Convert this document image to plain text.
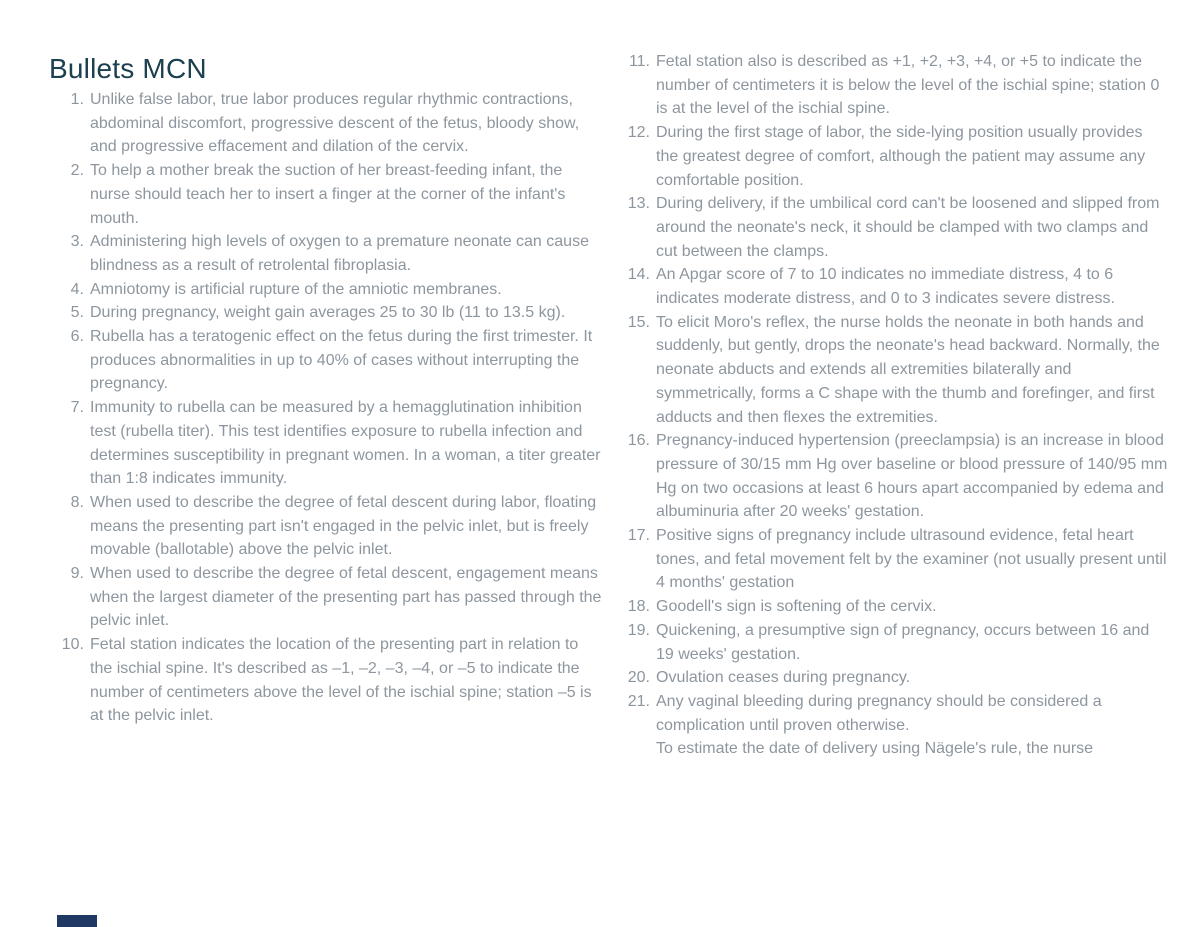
Bullets MCN
1. Unlike false labor, true labor produces regular rhythmic contractions, abdominal discomfort, progressive descent of the fetus, bloody show, and progressive effacement and dilation of the cervix.
2. To help a mother break the suction of her breast-feeding infant, the nurse should teach her to insert a finger at the corner of the infant's mouth.
3. Administering high levels of oxygen to a premature neonate can cause blindness as a result of retrolental fibroplasia.
4. Amniotomy is artificial rupture of the amniotic membranes.
5. During pregnancy, weight gain averages 25 to 30 lb (11 to 13.5 kg).
6. Rubella has a teratogenic effect on the fetus during the first trimester. It produces abnormalities in up to 40% of cases without interrupting the pregnancy.
7. Immunity to rubella can be measured by a hemagglutination inhibition test (rubella titer). This test identifies exposure to rubella infection and determines susceptibility in pregnant women. In a woman, a titer greater than 1:8 indicates immunity.
8. When used to describe the degree of fetal descent during labor, floating means the presenting part isn't engaged in the pelvic inlet, but is freely movable (ballotable) above the pelvic inlet.
9. When used to describe the degree of fetal descent, engagement means when the largest diameter of the presenting part has passed through the pelvic inlet.
10. Fetal station indicates the location of the presenting part in relation to the ischial spine. It's described as –1, –2, –3, –4, or –5 to indicate the number of centimeters above the level of the ischial spine; station –5 is at the pelvic inlet.
11. Fetal station also is described as +1, +2, +3, +4, or +5 to indicate the number of centimeters it is below the level of the ischial spine; station 0 is at the level of the ischial spine.
12. During the first stage of labor, the side-lying position usually provides the greatest degree of comfort, although the patient may assume any comfortable position.
13. During delivery, if the umbilical cord can't be loosened and slipped from around the neonate's neck, it should be clamped with two clamps and cut between the clamps.
14. An Apgar score of 7 to 10 indicates no immediate distress, 4 to 6 indicates moderate distress, and 0 to 3 indicates severe distress.
15. To elicit Moro's reflex, the nurse holds the neonate in both hands and suddenly, but gently, drops the neonate's head backward. Normally, the neonate abducts and extends all extremities bilaterally and symmetrically, forms a C shape with the thumb and forefinger, and first adducts and then flexes the extremities.
16. Pregnancy-induced hypertension (preeclampsia) is an increase in blood pressure of 30/15 mm Hg over baseline or blood pressure of 140/95 mm Hg on two occasions at least 6 hours apart accompanied by edema and albuminuria after 20 weeks' gestation.
17. Positive signs of pregnancy include ultrasound evidence, fetal heart tones, and fetal movement felt by the examiner (not usually present until 4 months' gestation
18. Goodell's sign is softening of the cervix.
19. Quickening, a presumptive sign of pregnancy, occurs between 16 and 19 weeks' gestation.
20. Ovulation ceases during pregnancy.
21. Any vaginal bleeding during pregnancy should be considered a complication until proven otherwise.
To estimate the date of delivery using Nägele's rule, the nurse
